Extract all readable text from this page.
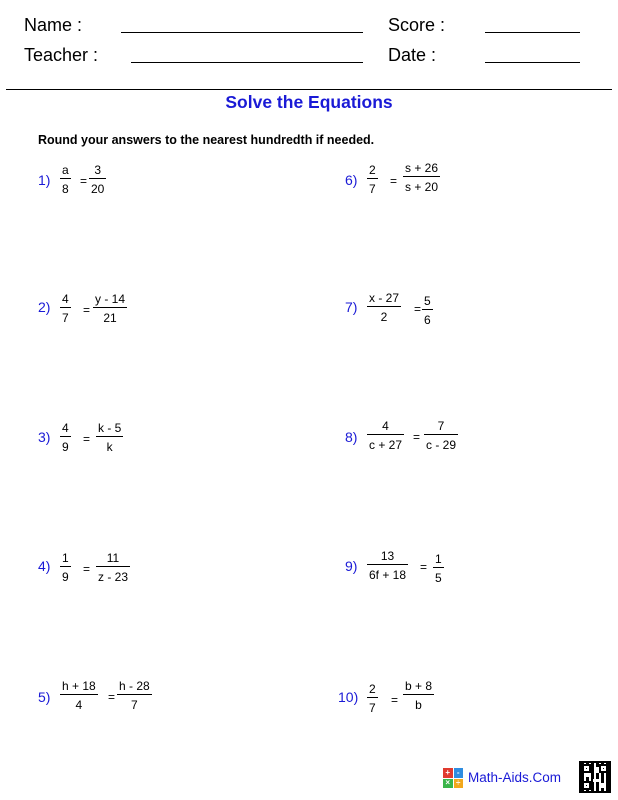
Name :
Teacher :
Score :
Date :
Solve the Equations
Round your answers to the nearest hundredth if needed.
1)
a
8
=
3
20
2) 4
7
=
y - 14
21
3)
4
9
=
k - 5
k
4) 1
9
=
11
z - 23
5)
h + 18
4
=
h - 28
7
6)
2
7
=
s + 26
s + 20
7)
x - 27
2
=
5
6
8)
4
c + 27
=
7
c - 29
9)
13
6f + 18
=
1
5
10) 2
7
=
b + 8
b
+ -
× ÷ Math-Aids.Com
